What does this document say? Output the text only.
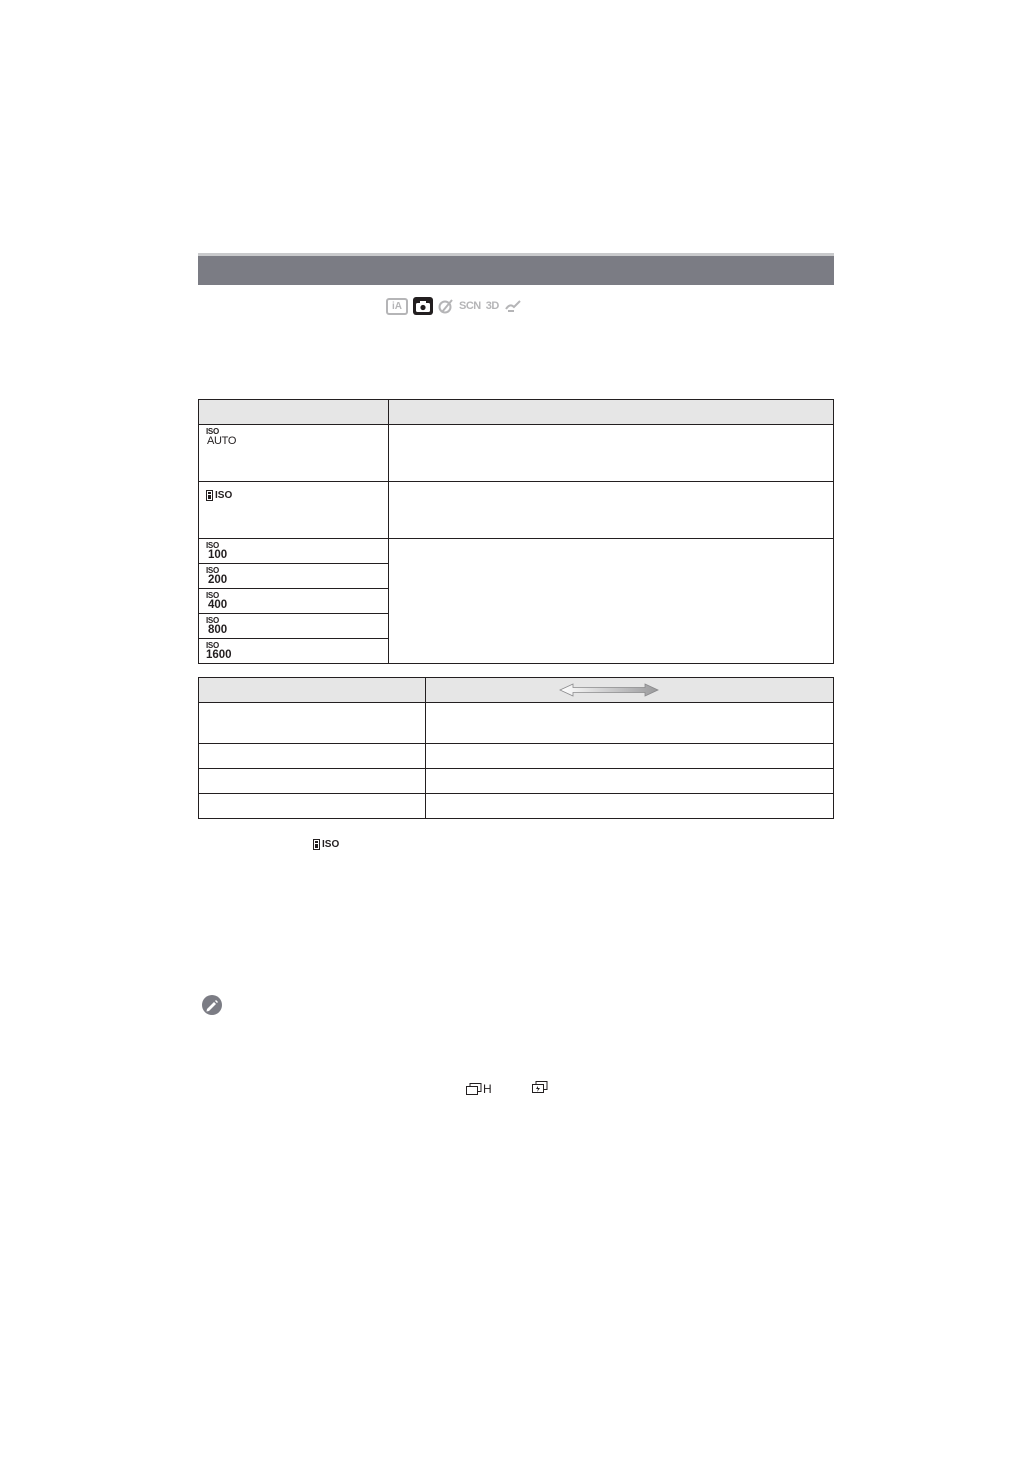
iA	SCN 3D

ISO
AUTO	

ISO	

ISO
100	

ISO
200	

ISO
400	

ISO
800	

ISO
1600	

ISO
H
